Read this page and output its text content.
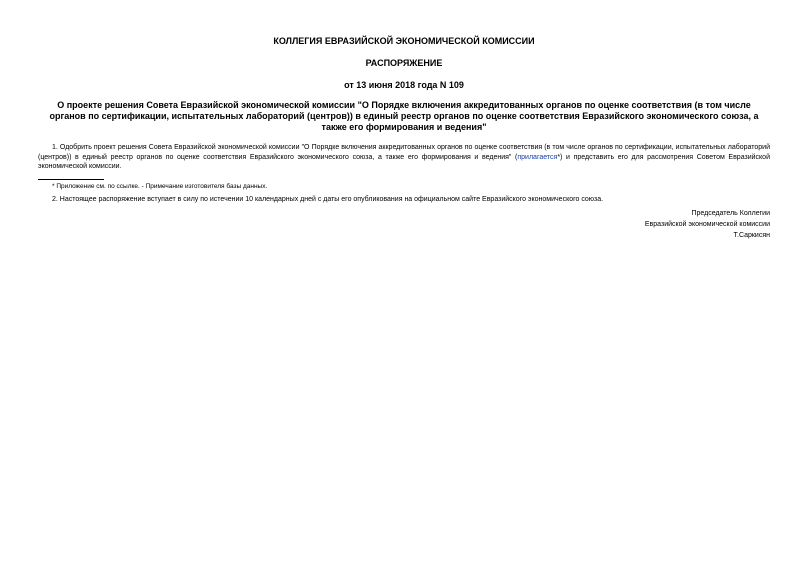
КОЛЛЕГИЯ ЕВРАЗИЙСКОЙ ЭКОНОМИЧЕСКОЙ КОМИССИИ
РАСПОРЯЖЕНИЕ
от 13 июня 2018 года N 109
О проекте решения Совета Евразийской экономической комиссии "О Порядке включения аккредитованных органов по оценке соответствия (в том числе органов по сертификации, испытательных лабораторий (центров)) в единый реестр органов по оценке соответствия Евразийского экономического союза, а также его формирования и ведения"
1. Одобрить проект решения Совета Евразийской экономической комиссии "О Порядке включения аккредитованных органов по оценке соответствия (в том числе органов по сертификации, испытательных лабораторий (центров)) в единый реестр органов по оценке соответствия Евразийского экономического союза, а также его формирования и ведения" (прилагается*) и представить его для рассмотрения Советом Евразийской экономической комиссии.
* Приложение см. по ссылке. - Примечание изготовителя базы данных.
2. Настоящее распоряжение вступает в силу по истечении 10 календарных дней с даты его опубликования на официальном сайте Евразийского экономического союза.
Председатель Коллегии
Евразийской экономической комиссии
Т.Саркисян
